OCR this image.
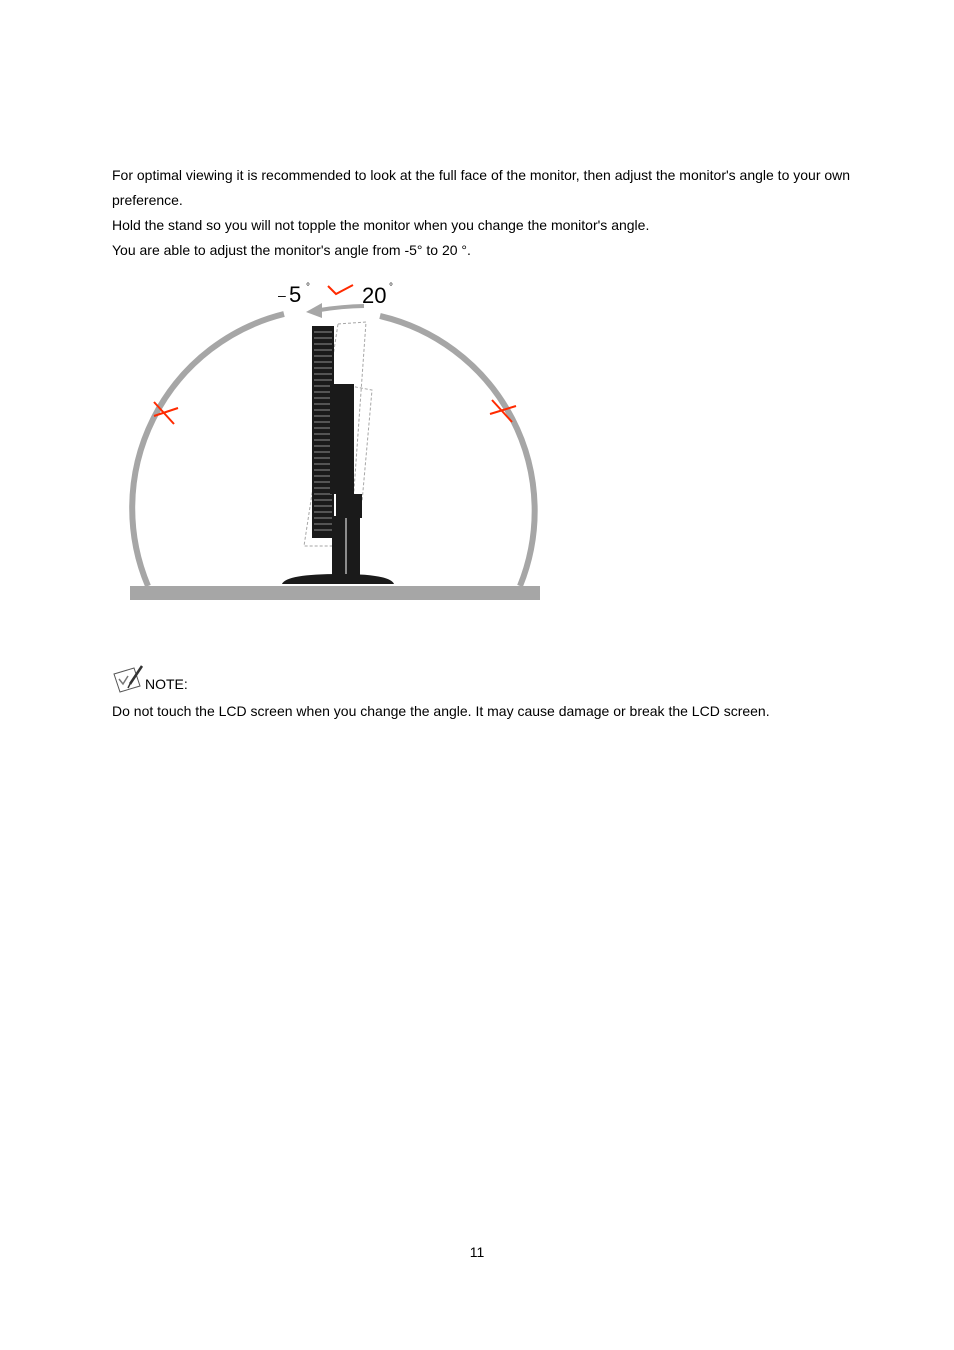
For optimal viewing it is recommended to look at the full face of the monitor, then adjust the monitor's angle to your own preference.

Hold the stand so you will not topple the monitor when you change the monitor's angle.

You are able to adjust the monitor's angle from -5° to 20 °.

– 5 ° 20 °
NOTE:

Do not touch the LCD screen when you change the angle. It may cause damage or break the LCD screen.

11
